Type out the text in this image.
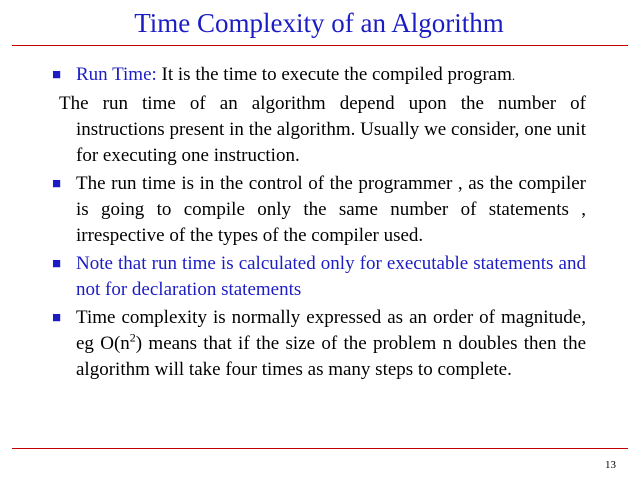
Time Complexity of an Algorithm

■ Run Time: It is the time to execute the compiled program.

The run time of an algorithm depend upon the number of instructions present in the algorithm. Usually we consider, one unit for executing one instruction.

■ The run time is in the control of the programmer , as the compiler is going to compile only the same number of statements , irrespective of the types of the compiler used.

■ Note that run time is calculated only for executable statements and not for declaration statements

■ Time complexity is normally expressed as an order of magnitude, eg $O(n^2)$ means that if the size of the problem n doubles then the algorithm will take four times as many steps to complete.

13
